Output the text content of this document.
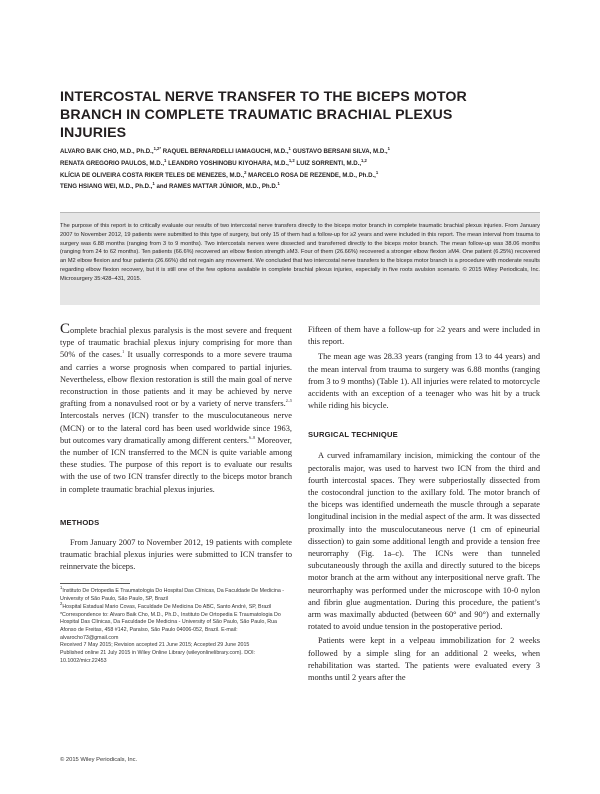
INTERCOSTAL NERVE TRANSFER TO THE BICEPS MOTOR BRANCH IN COMPLETE TRAUMATIC BRACHIAL PLEXUS INJURIES

ALVARO BAIK CHO, M.D., Ph.D.,$^{1,2*}$ RAQUEL BERNARDELLI IAMAGUCHI, M.D.,$^1$ GUSTAVO BERSANI SILVA, M.D.,$^1$
RENATA GREGORIO PAULOS, M.D.,$^1$ LEANDRO YOSHINOBU KIYOHARA, M.D.,$^{1,2}$ LUIZ SORRENTI, M.D.,$^{1,2}$
KLÍCIA DE OLIVEIRA COSTA RIKER TELES DE MENEZES, M.D.,$^2$ MARCELO ROSA DE REZENDE, M.D., Ph.D.,$^1$
TENG HSIANG WEI, M.D., Ph.D.,$^1$ and RAMES MATTAR JÚNIOR, M.D., Ph.D.$^1$

The purpose of this report is to critically evaluate our results of two intercostal nerve transfers directly to the biceps motor branch in complete traumatic brachial plexus injuries. From January 2007 to November 2012, 19 patients were submitted to this type of surgery, but only 15 of them had a follow-up for ≥2 years and were included in this report. The mean interval from trauma to surgery was 6.88 months (ranging from 3 to 9 months). Two intercostals nerves were dissected and transferred directly to the biceps motor branch. The mean follow-up was 38.06 months (ranging from 24 to 62 months). Ten patients (66.6%) recovered an elbow flexion strength ≥M3. Four of them (26.66%) recovered a stronger elbow flexion ≥M4. One patient (6.25%) recovered an M2 elbow flexion and four patients (26.66%) did not regain any movement. We concluded that two intercostal nerve transfers to the biceps motor branch is a procedure with moderate results regarding elbow flexion recovery, but it is still one of the few options available in complete brachial plexus injuries, especially in five roots avulsion scenario. © 2015 Wiley Periodicals, Inc. Microsurgery 35:428–431, 2015.

Complete brachial plexus paralysis is the most severe and frequent type of traumatic brachial plexus injury comprising for more than 50% of the cases.$^1$ It usually corresponds to a more severe trauma and carries a worse prognosis when compared to partial injuries. Nevertheless, elbow flexion restoration is still the main goal of nerve reconstruction in those patients and it may be achieved by nerve grafting from a nonavulsed root or by a variety of nerve transfers.$^{2-5}$ Intercostals nerves (ICN) transfer to the musculocutaneous nerve (MCN) or to the lateral cord has been used worldwide since 1963, but outcomes vary dramatically among different centers.$^{6-8}$ Moreover, the number of ICN transferred to the MCN is quite variable among these studies. The purpose of this report is to evaluate our results with the use of two ICN transfer directly to the biceps motor branch in complete traumatic brachial plexus injuries.

METHODS

From January 2007 to November 2012, 19 patients with complete traumatic brachial plexus injuries were submitted to ICN transfer to reinnervate the biceps.

$^1$Instituto De Ortopedia E Traumatologia Do Hospital Das Clínicas, Da Faculdade De Medicina - University of São Paulo, São Paulo, SP, Brazil

$^2$Hospital Estadual Mario Covas, Faculdade De Medicina Do ABC, Santo André, SP, Brazil

*Correspondence to: Alvaro Baik Cho, M.D., Ph.D., Instituto De Ortopedia E Traumatologia Do Hospital Das Clínicas, Da Faculdade De Medicina - University of São Paulo, São Paulo, Rua Afonso de Freitas, 458 #142, Paraíso, São Paulo 04006-052, Brazil. E-mail: alvarocho73@gmail.com

Received 7 May 2015; Revision accepted 21 June 2015; Accepted 29 June 2015

Published online 21 July 2015 in Wiley Online Library (wileyonlinelibrary.com). DOI: 10.1002/micr.22453

Fifteen of them have a follow-up for ≥2 years and were included in this report.

The mean age was 28.33 years (ranging from 13 to 44 years) and the mean interval from trauma to surgery was 6.88 months (ranging from 3 to 9 months) (Table 1). All injuries were related to motorcycle accidents with an exception of a teenager who was hit by a truck while riding his bicycle.

SURGICAL TECHNIQUE

A curved inframamilary incision, mimicking the contour of the pectoralis major, was used to harvest two ICN from the third and fourth intercostal spaces. They were subperiostally dissected from the costocondral junction to the axillary fold. The motor branch of the biceps was identified underneath the muscle through a separate longitudinal incision in the medial aspect of the arm. It was dissected proximally into the musculocutaneous nerve (1 cm of epineurial dissection) to gain some additional length and provide a tension free neurorraphy (Fig. 1a–c). The ICNs were than tunneled subcutaneously through the axilla and directly sutured to the biceps motor branch at the arm without any interpositional nerve graft. The neurorrhaphy was performed under the microscope with 10-0 nylon and fibrin glue augmentation. During this procedure, the patient’s arm was maximally abducted (between 60° and 90°) and externally rotated to avoid undue tension in the postoperative period.

Patients were kept in a velpeau immobilization for 2 weeks followed by a simple sling for an additional 2 weeks, when rehabilitation was started. The patients were evaluated every 3 months until 2 years after the

© 2015 Wiley Periodicals, Inc.
